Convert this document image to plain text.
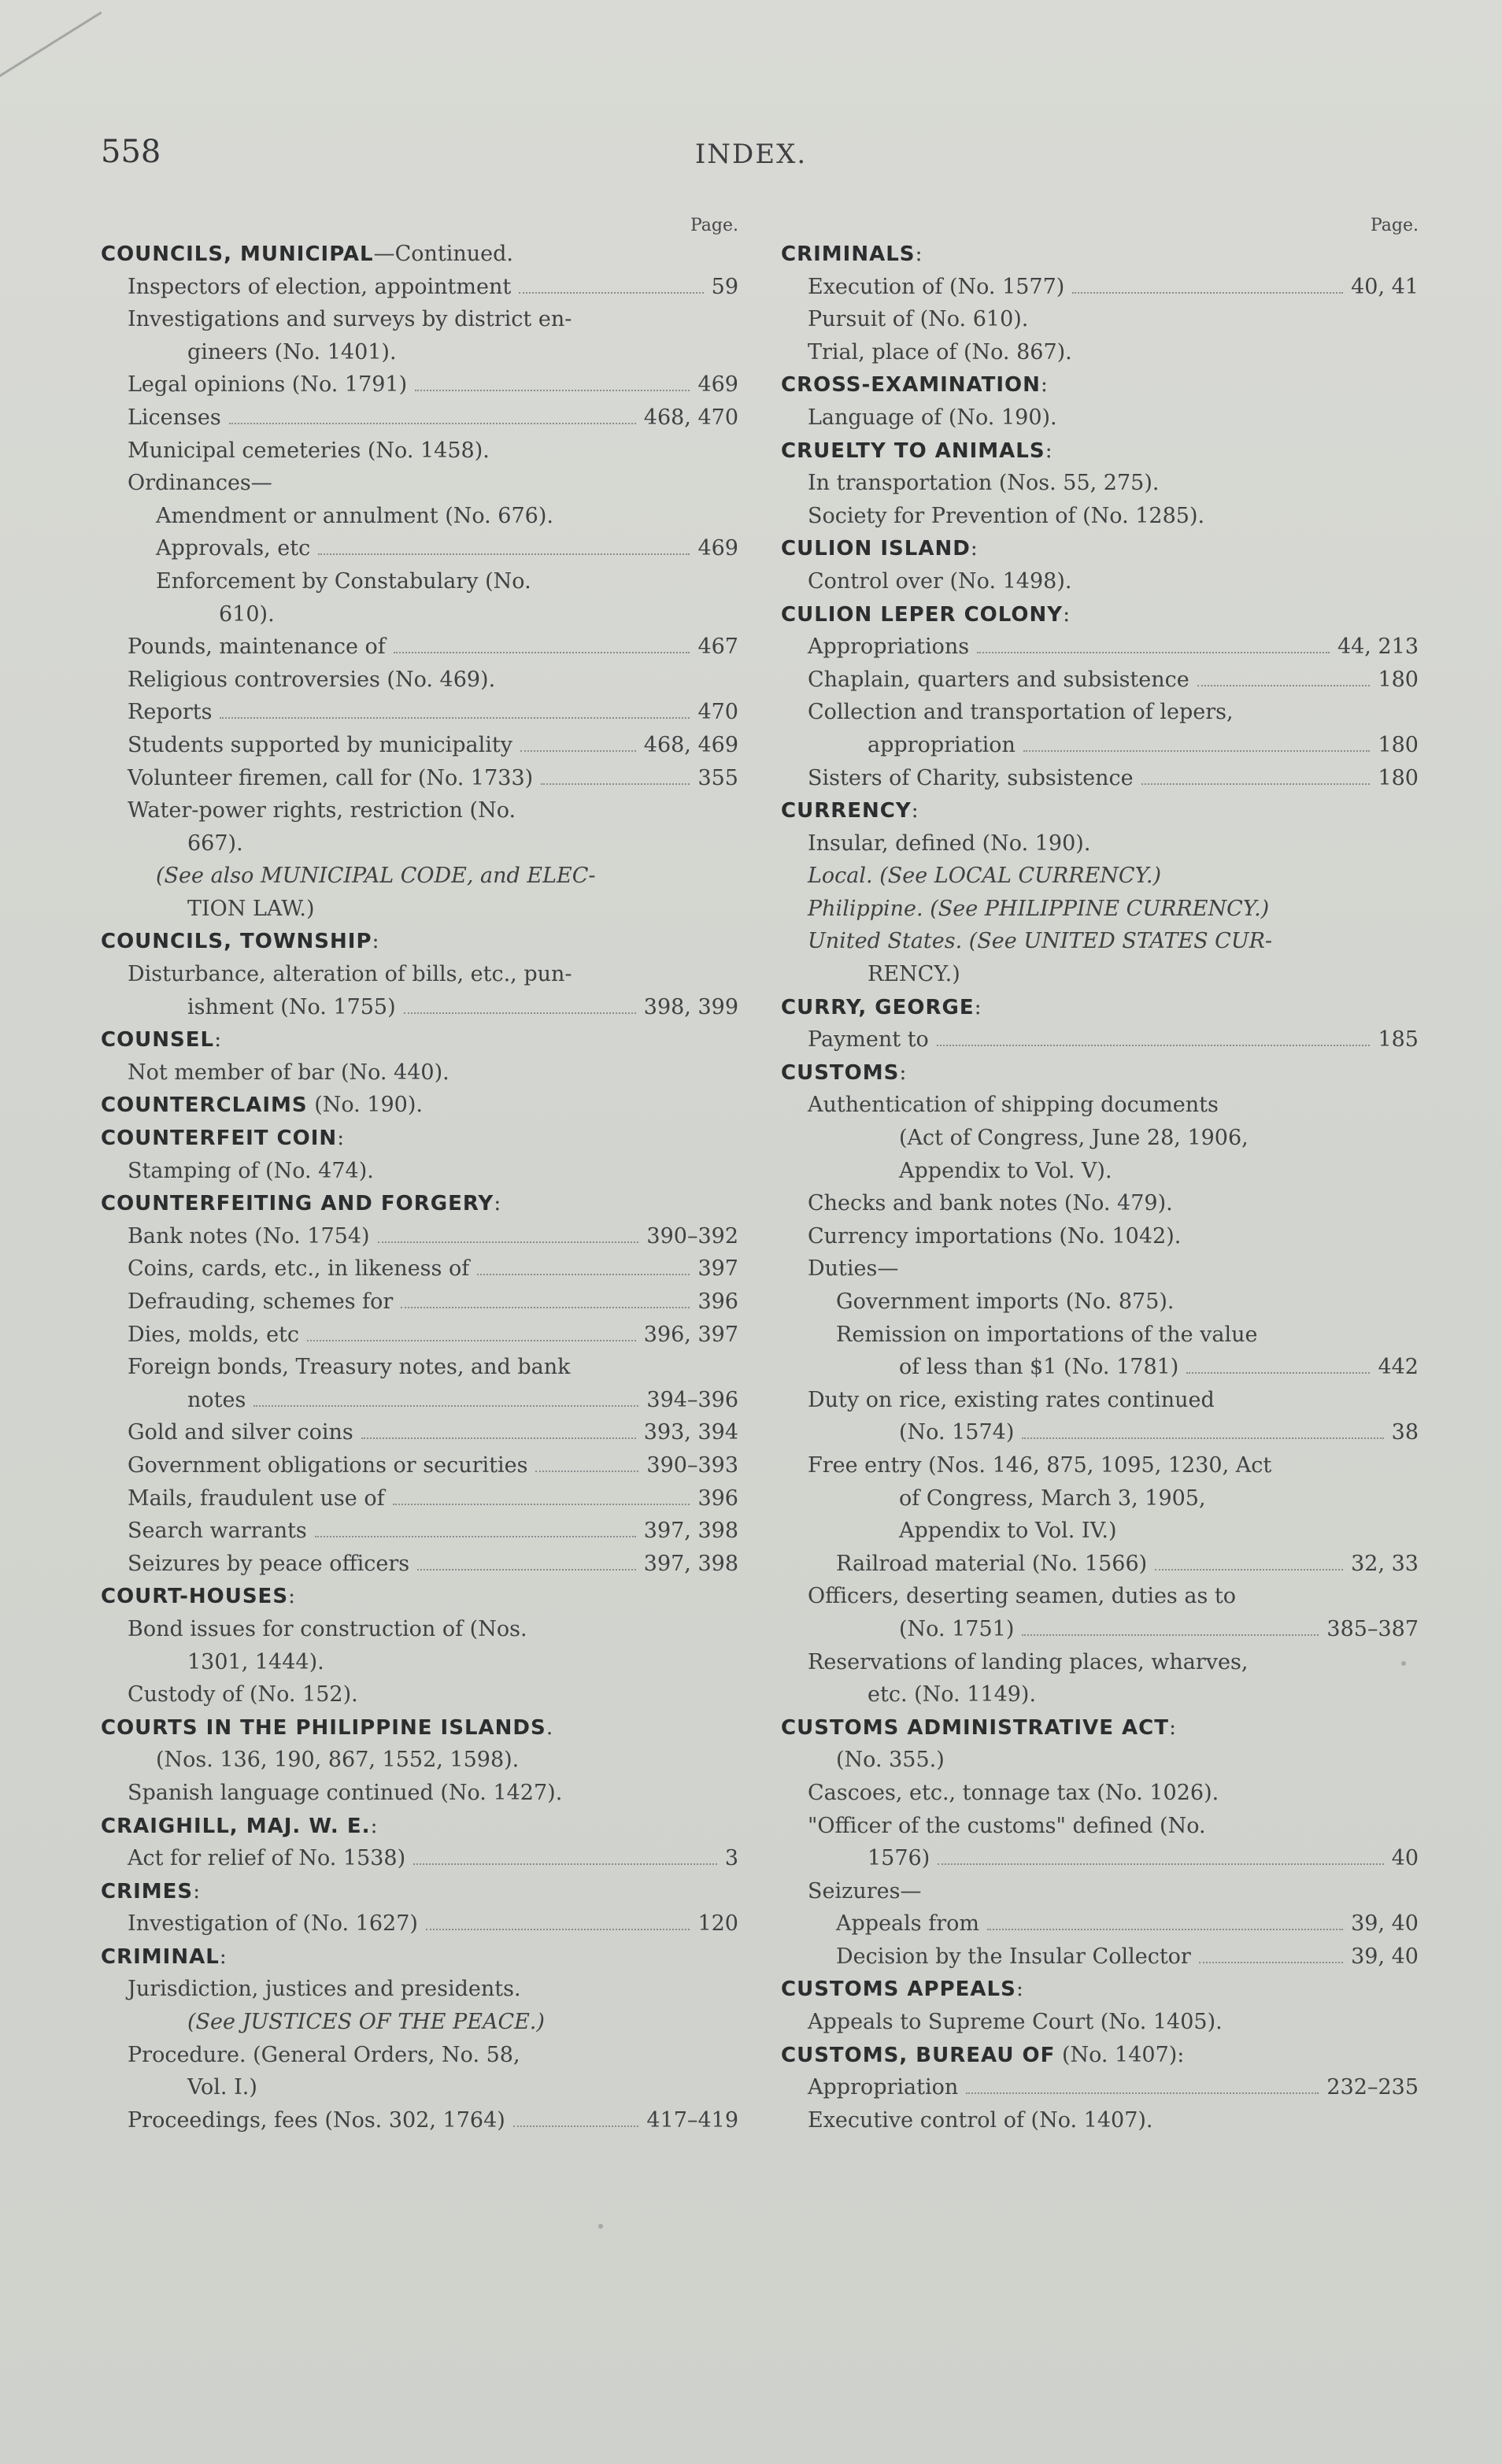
558	INDEX.
Page.
COUNCILS, MUNICIPAL—Continued.
Inspectors of election, appointment	59
Investigations and surveys by district en-
gineers (No. 1401).
Legal opinions (No. 1791)	469
Licenses	468, 470
Municipal cemeteries (No. 1458).
Ordinances—
Amendment or annulment (No. 676).
Approvals, etc	469
Enforcement by Constabulary (No.
610).
Pounds, maintenance of	467
Religious controversies (No. 469).
Reports	470
Students supported by municipality	468, 469
Volunteer firemen, call for (No. 1733)	355
Water-power rights, restriction (No.
667).
(See also MUNICIPAL CODE, and ELEC-
TION LAW.)
COUNCILS, TOWNSHIP:
Disturbance, alteration of bills, etc., pun-
ishment (No. 1755)	398, 399
COUNSEL:
Not member of bar (No. 440).
COUNTERCLAIMS (No. 190).
COUNTERFEIT COIN:
Stamping of (No. 474).
COUNTERFEITING AND FORGERY:
Bank notes (No. 1754)	390–392
Coins, cards, etc., in likeness of	397
Defrauding, schemes for	396
Dies, molds, etc	396, 397
Foreign bonds, Treasury notes, and bank
notes	394–396
Gold and silver coins	393, 394
Government obligations or securities	390–393
Mails, fraudulent use of	396
Search warrants	397, 398
Seizures by peace officers	397, 398
COURT-HOUSES:
Bond issues for construction of (Nos.
1301, 1444).
Custody of (No. 152).
COURTS IN THE PHILIPPINE ISLANDS.
(Nos. 136, 190, 867, 1552, 1598).
Spanish language continued (No. 1427).
CRAIGHILL, MAJ. W. E.:
Act for relief of No. 1538)	3
CRIMES:
Investigation of (No. 1627)	120
CRIMINAL:
Jurisdiction, justices and presidents.
(See JUSTICES OF THE PEACE.)
Procedure. (General Orders, No. 58,
Vol. I.)
Proceedings, fees (Nos. 302, 1764)	417–419
Page.
CRIMINALS:
Execution of (No. 1577)	40, 41
Pursuit of (No. 610).
Trial, place of (No. 867).
CROSS-EXAMINATION:
Language of (No. 190).
CRUELTY TO ANIMALS:
In transportation (Nos. 55, 275).
Society for Prevention of (No. 1285).
CULION ISLAND:
Control over (No. 1498).
CULION LEPER COLONY:
Appropriations	44, 213
Chaplain, quarters and subsistence	180
Collection and transportation of lepers,
appropriation	180
Sisters of Charity, subsistence	180
CURRENCY:
Insular, defined (No. 190).
Local. (See LOCAL CURRENCY.)
Philippine. (See PHILIPPINE CURRENCY.)
United States. (See UNITED STATES CUR-
RENCY.)
CURRY, GEORGE:
Payment to	185
CUSTOMS:
Authentication of shipping documents
(Act of Congress, June 28, 1906,
Appendix to Vol. V).
Checks and bank notes (No. 479).
Currency importations (No. 1042).
Duties—
Government imports (No. 875).
Remission on importations of the value
of less than $1 (No. 1781)	442
Duty on rice, existing rates continued
(No. 1574)	38
Free entry (Nos. 146, 875, 1095, 1230, Act
of Congress, March 3, 1905,
Appendix to Vol. IV.)
Railroad material (No. 1566)	32, 33
Officers, deserting seamen, duties as to
(No. 1751)	385–387
Reservations of landing places, wharves,
etc. (No. 1149).
CUSTOMS ADMINISTRATIVE ACT:
(No. 355.)
Cascoes, etc., tonnage tax (No. 1026).
"Officer of the customs" defined (No.
1576)	40
Seizures—
Appeals from	39, 40
Decision by the Insular Collector	39, 40
CUSTOMS APPEALS:
Appeals to Supreme Court (No. 1405).
CUSTOMS, BUREAU OF (No. 1407):
Appropriation	232–235
Executive control of (No. 1407).
